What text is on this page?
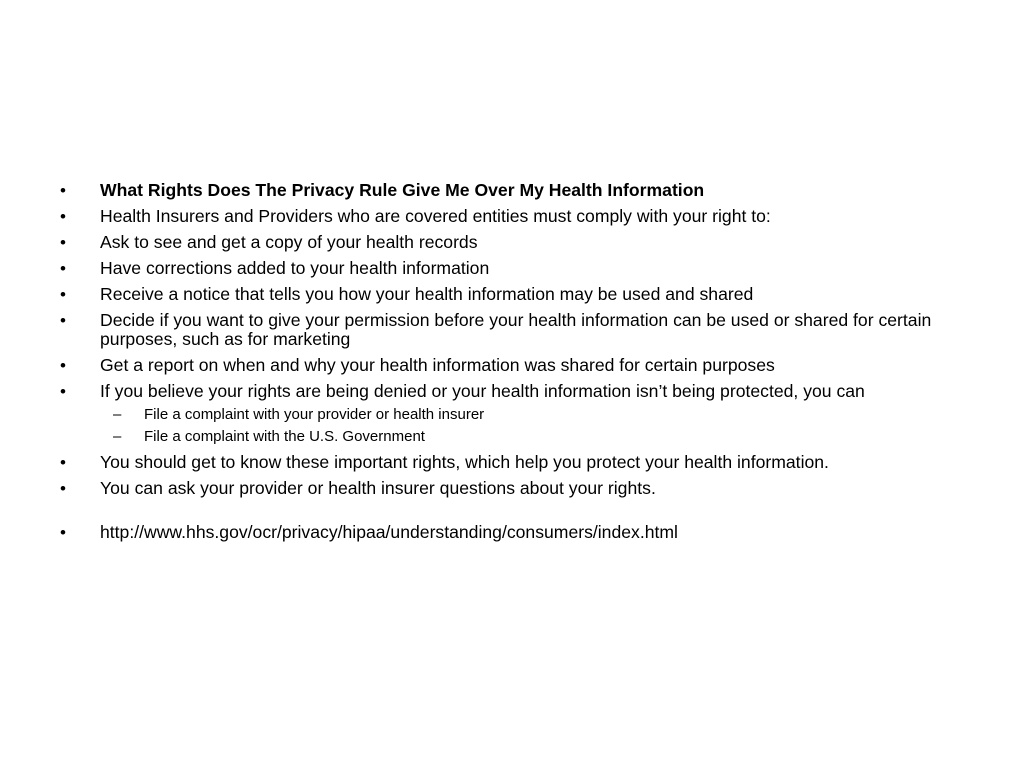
•	What Rights Does The Privacy Rule Give Me Over My Health Information
•	Health Insurers and Providers who are covered entities must comply with your right to:
•	Ask to see and get a copy of your health records
•	Have corrections added to your health information
•	Receive a notice that tells you how your health information may be used and shared
•	Decide if you want to give your permission before your health information can be used or shared for certain purposes, such as for marketing
•	Get a report on when and why your health information was shared for certain purposes
•	If you believe your rights are being denied or your health information isn’t being protected, you can
–	File a complaint with your provider or health insurer
–	File a complaint with the U.S. Government
•	You should get to know these important rights, which help you protect your health information.
•	You can ask your provider or health insurer questions about your rights.
•	http://www.hhs.gov/ocr/privacy/hipaa/understanding/consumers/index.html
